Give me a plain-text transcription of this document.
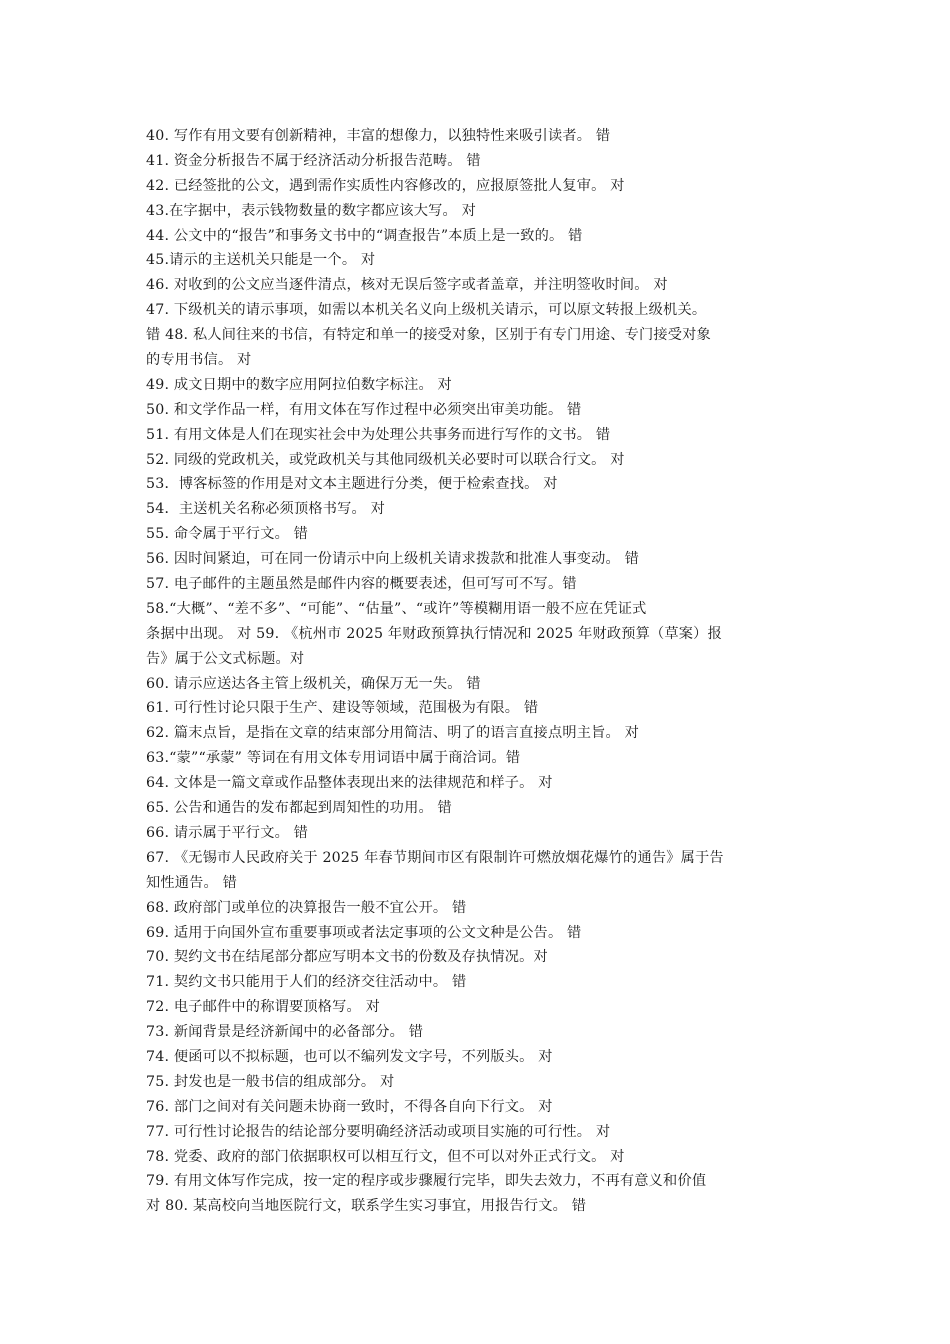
40. 写作有用文要有创新精神，丰富的想像力，以独特性来吸引读者。 错
41. 资金分析报告不属于经济活动分析报告范畴。 错
42. 已经签批的公文，遇到需作实质性内容修改的，应报原签批人复审。 对
43.在字据中，表示钱物数量的数字都应该大写。 对
44. 公文中的“报告”和事务文书中的“调查报告”本质上是一致的。 错
45.请示的主送机关只能是一个。 对
46. 对收到的公文应当逐件清点，核对无误后签字或者盖章，并注明签收时间。 对
47. 下级机关的请示事项，如需以本机关名义向上级机关请示，可以原文转报上级机关。
错 48. 私人间往来的书信，有特定和单一的接受对象，区别于有专门用途、专门接受对象
的专用书信。 对
49. 成文日期中的数字应用阿拉伯数字标注。 对
50. 和文学作品一样，有用文体在写作过程中必须突出审美功能。 错
51. 有用文体是人们在现实社会中为处理公共事务而进行写作的文书。 错
52. 同级的党政机关，或党政机关与其他同级机关必要时可以联合行文。 对
53．博客标签的作用是对文本主题进行分类，便于检索查找。 对
54．主送机关名称必须顶格书写。 对
55. 命令属于平行文。 错
56. 因时间紧迫，可在同一份请示中向上级机关请求拨款和批准人事变动。 错
57. 电子邮件的主题虽然是邮件内容的概要表述，但可写可不写。错
58.“大概”、“差不多”、“可能”、“估量”、“或许”等模糊用语一般不应在凭证式
条据中出现。 对 59. 《杭州市 2025 年财政预算执行情况和 2025 年财政预算（草案）报
告》属于公文式标题。对
60. 请示应送达各主管上级机关，确保万无一失。 错
61. 可行性讨论只限于生产、建设等领域，范围极为有限。 错
62. 篇末点旨，是指在文章的结束部分用简洁、明了的语言直接点明主旨。 对
63.“蒙”“承蒙” 等词在有用文体专用词语中属于商洽词。错
64. 文体是一篇文章或作品整体表现出来的法律规范和样子。 对
65. 公告和通告的发布都起到周知性的功用。 错
66. 请示属于平行文。 错
67. 《无锡市人民政府关于 2025 年春节期间市区有限制许可燃放烟花爆竹的通告》属于告
知性通告。 错
68. 政府部门或单位的决算报告一般不宜公开。 错
69. 适用于向国外宣布重要事项或者法定事项的公文文种是公告。 错
70. 契约文书在结尾部分都应写明本文书的份数及存执情况。对
71. 契约文书只能用于人们的经济交往活动中。 错
72. 电子邮件中的称谓要顶格写。 对
73. 新闻背景是经济新闻中的必备部分。 错
74. 便函可以不拟标题，也可以不编列发文字号，不列版头。 对
75. 封发也是一般书信的组成部分。 对
76. 部门之间对有关问题未协商一致时，不得各自向下行文。 对
77. 可行性讨论报告的结论部分要明确经济活动或项目实施的可行性。 对
78. 党委、政府的部门依据职权可以相互行文，但不可以对外正式行文。 对
79. 有用文体写作完成，按一定的程序或步骤履行完毕，即失去效力，不再有意义和价值
对 80. 某高校向当地医院行文，联系学生实习事宜，用报告行文。 错
